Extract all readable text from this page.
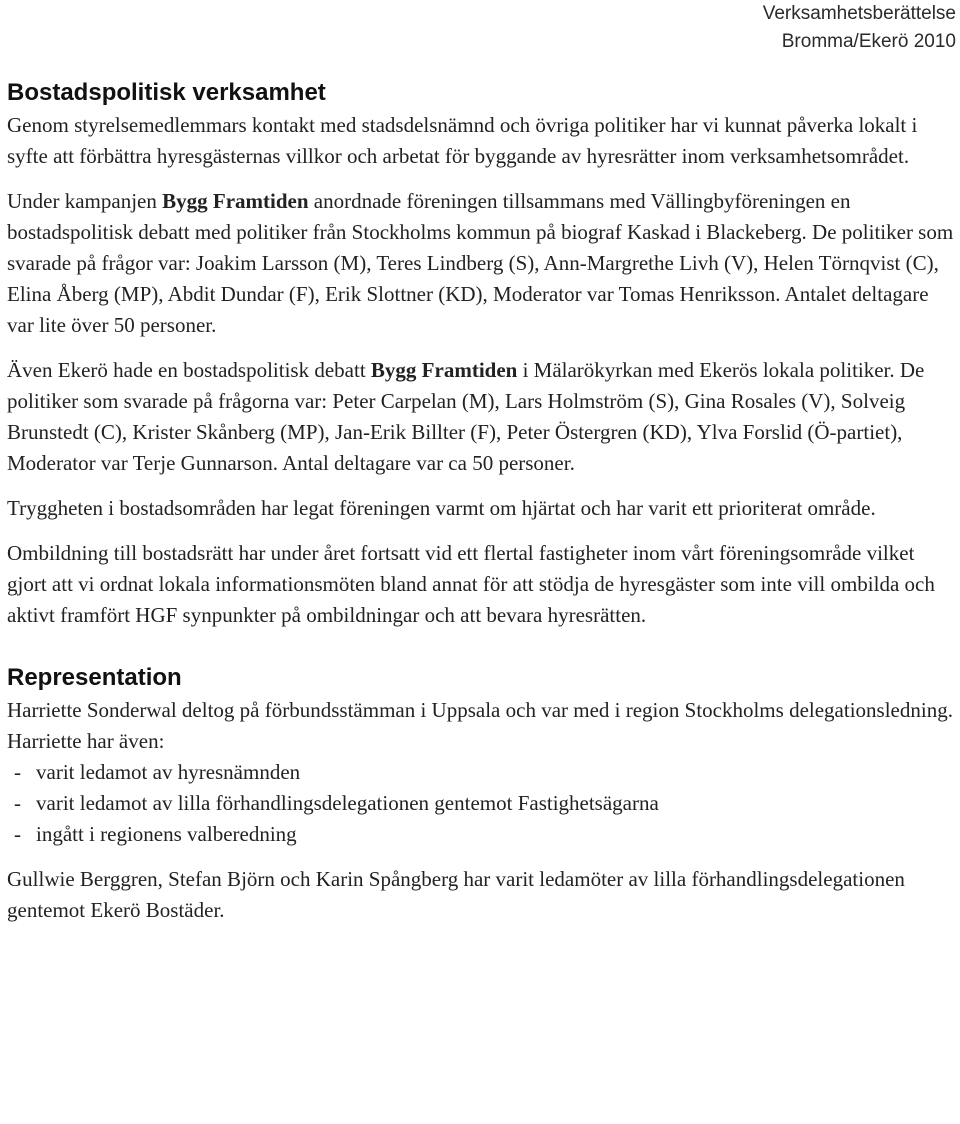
Verksamhetsberättelse
Bromma/Ekerö 2010
Bostadspolitisk verksamhet

Genom styrelsemedlemmars kontakt med stadsdelsnämnd och övriga politiker har vi kunnat påverka lokalt i syfte att förbättra hyresgästernas villkor och arbetat för byggande av hyresrätter inom verksamhetsområdet.

Under kampanjen Bygg Framtiden anordnade föreningen tillsammans med Vällingbyföreningen en bostadspolitisk debatt med politiker från Stockholms kommun på biograf Kaskad i Blackeberg. De politiker som svarade på frågor var: Joakim Larsson (M), Teres Lindberg (S), Ann-Margrethe Livh (V), Helen Törnqvist (C), Elina Åberg (MP), Abdit Dundar (F), Erik Slottner (KD), Moderator var Tomas Henriksson. Antalet deltagare var lite över 50 personer.

Även Ekerö hade en bostadspolitisk debatt Bygg Framtiden i Mälarökyrkan med Ekerös lokala politiker. De politiker som svarade på frågorna var: Peter Carpelan (M), Lars Holmström (S), Gina Rosales (V), Solveig Brunstedt (C), Krister Skånberg (MP), Jan-Erik Billter (F), Peter Östergren (KD), Ylva Forslid (Ö-partiet), Moderator var Terje Gunnarson. Antal deltagare var ca 50 personer.

Tryggheten i bostadsområden har legat föreningen varmt om hjärtat och har varit ett prioriterat område.

Ombildning till bostadsrätt har under året fortsatt vid ett flertal fastigheter inom vårt föreningsområde vilket gjort att vi ordnat lokala informationsmöten bland annat för att stödja de hyresgäster som inte vill ombilda och aktivt framfört HGF synpunkter på ombildningar och att bevara hyresrätten.

Representation

Harriette Sonderwal deltog på förbundsstämman i Uppsala och var med i region Stockholms delegationsledning.

Harriette har även:

- varit ledamot av hyresnämnden
- varit ledamot av lilla förhandlingsdelegationen gentemot Fastighetsägarna
- ingått i regionens valberedning

Gullwie Berggren, Stefan Björn och Karin Spångberg har varit ledamöter av lilla förhandlingsdelegationen gentemot Ekerö Bostäder.
